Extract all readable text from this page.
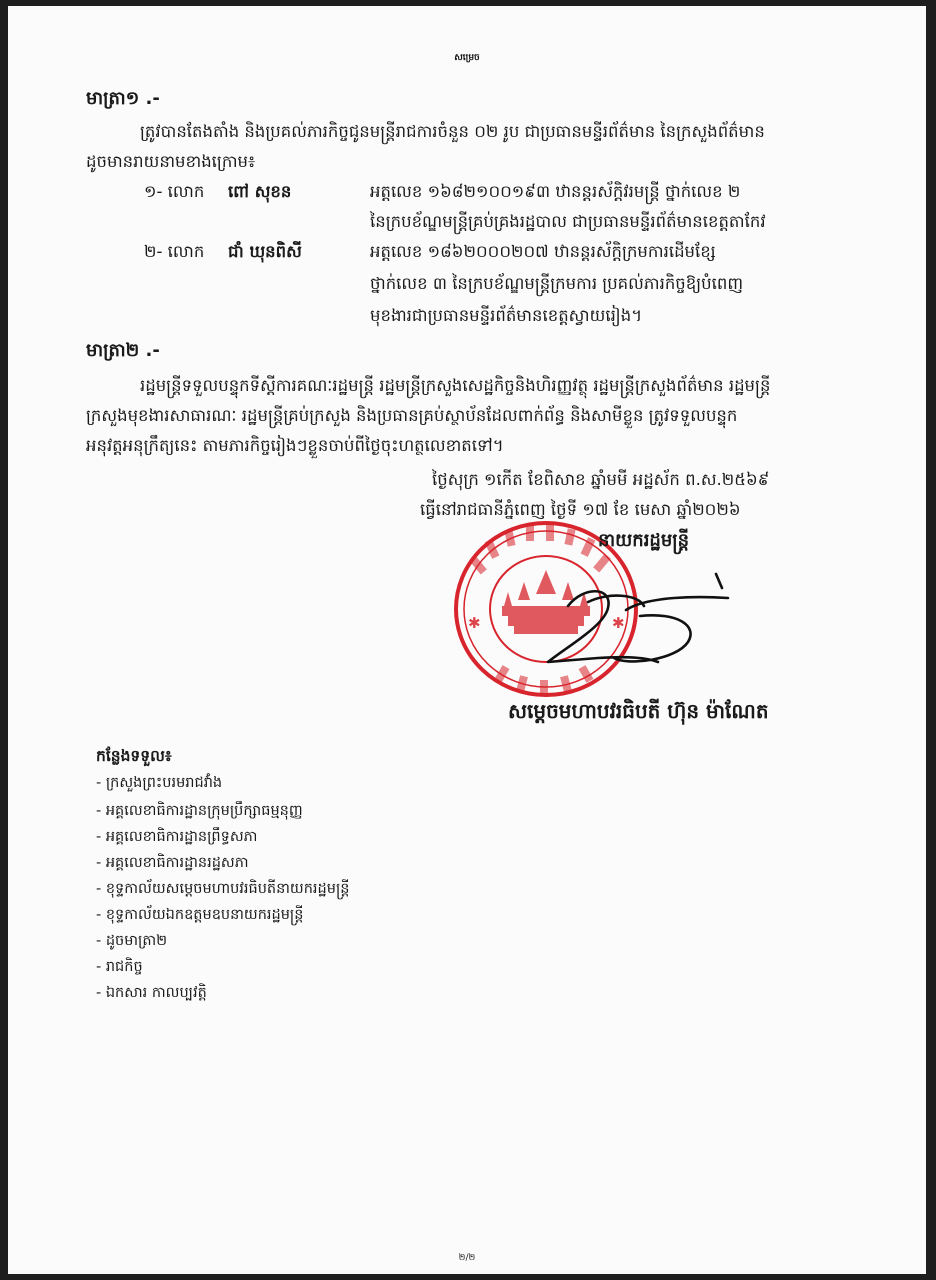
សម្រេច
មាត្រា១ .-
ត្រូវបានតែងតាំង និងប្រគល់ភារកិច្ចជូនមន្ត្រីរាជការចំនួន ០២ រូប ជាប្រធានមន្ទីរព័ត៌មាន នៃក្រសួងព័ត៌មាន
ដូចមានរាយនាមខាងក្រោម៖
១- លោក ពៅ សុខន	អត្តលេខ ១៦៨២១០០១៩៣ ឋានន្តរស័ក្តិវរមន្ត្រី ថ្នាក់លេខ ២
នៃក្របខ័ណ្ឌមន្ត្រីគ្រប់គ្រងរដ្ឋបាល ជាប្រធានមន្ទីរព័ត៌មានខេត្តតាកែវ
២- លោក ជាំ ឃុនពិសី	អត្តលេខ ១៨៦២០០០២០៧ ឋានន្តរស័ក្តិក្រមការដើមខ្សែ
ថ្នាក់លេខ ៣ នៃក្របខ័ណ្ឌមន្ត្រីក្រមការ ប្រគល់ភារកិច្ចឱ្យបំពេញ
មុខងារជាប្រធានមន្ទីរព័ត៌មានខេត្តស្វាយរៀង។
មាត្រា២ .-
រដ្ឋមន្ត្រីទទួលបន្ទុកទីស្តីការគណៈរដ្ឋមន្ត្រី រដ្ឋមន្ត្រីក្រសួងសេដ្ឋកិច្ចនិងហិរញ្ញវត្ថុ រដ្ឋមន្ត្រីក្រសួងព័ត៌មាន រដ្ឋមន្ត្រី
ក្រសួងមុខងារសាធារណៈ រដ្ឋមន្ត្រីគ្រប់ក្រសួង និងប្រធានគ្រប់ស្ថាប័នដែលពាក់ព័ន្ធ និងសាមីខ្លួន ត្រូវទទួលបន្ទុក
អនុវត្តអនុក្រឹត្យនេះ តាមភារកិច្ចរៀងៗខ្លួនចាប់ពីថ្ងៃចុះហត្ថលេខាតទៅ។
ថ្ងៃសុក្រ ១កើត ខែពិសាខ ឆ្នាំមមី អដ្ឋស័ក ព.ស.២៥៦៩
ធ្វើនៅរាជធានីភ្នំពេញ ថ្ងៃទី ១៧ ខែ មេសា ឆ្នាំ២០២៦
✱	✱
នាយករដ្ឋមន្ត្រី
សម្តេចមហាបវរធិបតី ហ៊ុន ម៉ាណែត
កន្លែងទទួល៖
- ក្រសួងព្រះបរមរាជវាំង
- អគ្គលេខាធិការដ្ឋានក្រុមប្រឹក្សាធម្មនុញ្ញ
- អគ្គលេខាធិការដ្ឋានព្រឹទ្ធសភា
- អគ្គលេខាធិការដ្ឋានរដ្ឋសភា
- ខុទ្ទកាល័យសម្តេចមហាបវរធិបតីនាយករដ្ឋមន្ត្រី
- ខុទ្ទកាល័យឯកឧត្តមឧបនាយករដ្ឋមន្ត្រី
- ដូចមាត្រា២
- រាជកិច្ច
- ឯកសារ កាលប្បវត្តិ
២/២
